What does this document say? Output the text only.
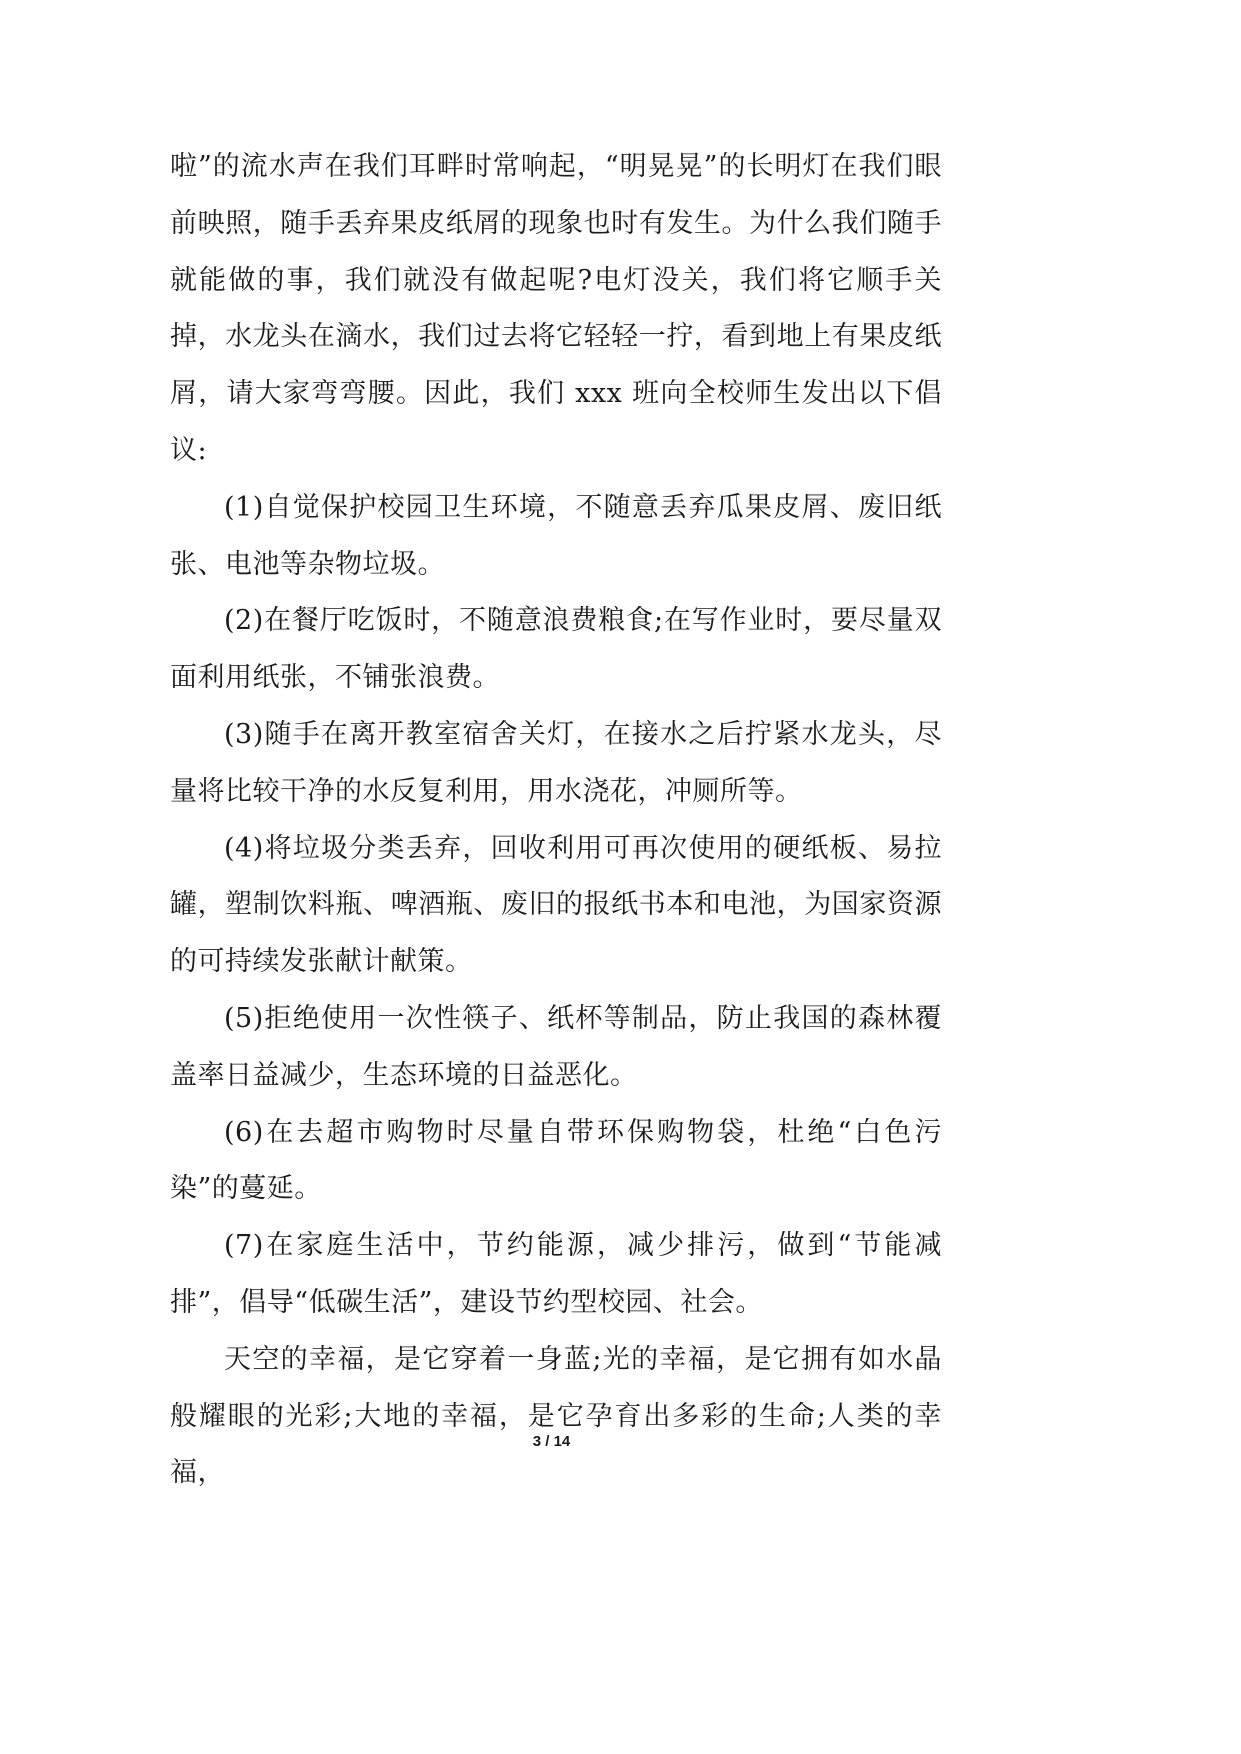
啦”的流水声在我们耳畔时常响起，“明晃晃”的长明灯在我们眼前映照，随手丢弃果皮纸屑的现象也时有发生。为什么我们随手就能做的事，我们就没有做起呢?电灯没关，我们将它顺手关掉，水龙头在滴水，我们过去将它轻轻一拧，看到地上有果皮纸屑，请大家弯弯腰。因此，我们 xxx 班向全校师生发出以下倡议:

(1)自觉保护校园卫生环境，不随意丢弃瓜果皮屑、废旧纸张、电池等杂物垃圾。

(2)在餐厅吃饭时，不随意浪费粮食;在写作业时，要尽量双面利用纸张，不铺张浪费。

(3)随手在离开教室宿舍关灯，在接水之后拧紧水龙头，尽量将比较干净的水反复利用，用水浇花，冲厕所等。

(4)将垃圾分类丢弃，回收利用可再次使用的硬纸板、易拉罐，塑制饮料瓶、啤酒瓶、废旧的报纸书本和电池，为国家资源的可持续发张献计献策。

(5)拒绝使用一次性筷子、纸杯等制品，防止我国的森林覆盖率日益减少，生态环境的日益恶化。

(6)在去超市购物时尽量自带环保购物袋，杜绝“白色污染”的蔓延。

(7)在家庭生活中，节约能源，减少排污，做到“节能减排”，倡导“低碳生活”，建设节约型校园、社会。

天空的幸福，是它穿着一身蓝;光的幸福，是它拥有如水晶般耀眼的光彩;大地的幸福，是它孕育出多彩的生命;人类的幸福，

3 / 14
